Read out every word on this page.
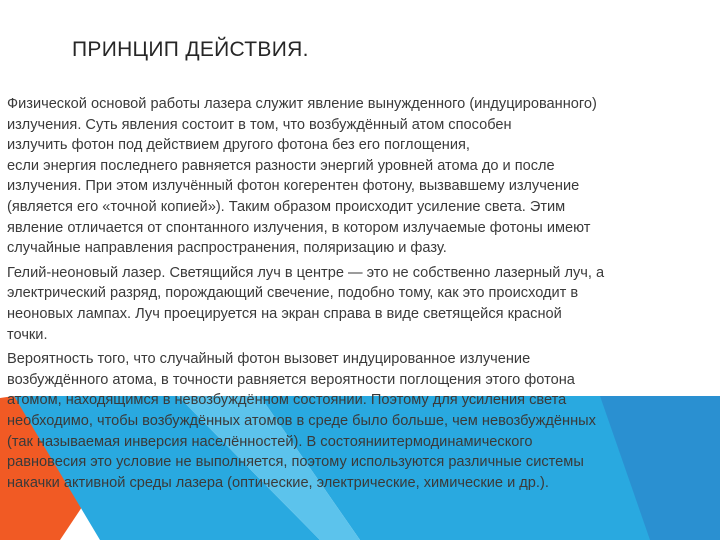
ПРИНЦИП ДЕЙСТВИЯ.

Физической основой работы лазера служит явление вынужденного (индуцированного)
излучения. Суть явления состоит в том, что возбуждённый атом способен
излучить фотон под действием другого фотона без его поглощения,
если энергия последнего равняется разности энергий уровней атома до и после
излучения. При этом излучённый фотон когерентен фотону, вызвавшему излучение
(является его «точной копией»). Таким образом происходит усиление света. Этим
явление отличается от спонтанного излучения, в котором излучаемые фотоны имеют
случайные направления распространения, поляризацию и фазу.

Гелий-неоновый лазер. Светящийся луч в центре — это не собственно лазерный луч, а
электрический разряд, порождающий свечение, подобно тому, как это происходит в
неоновых лампах. Луч проецируется на экран справа в виде светящейся красной
точки.

Вероятность того, что случайный фотон вызовет индуцированное излучение
возбуждённого атома, в точности равняется вероятности поглощения этого фотона
атомом, находящимся в невозбуждённом состоянии. Поэтому для усиления света
необходимо, чтобы возбуждённых атомов в среде было больше, чем невозбуждённых
(так называемая инверсия населённостей). В состояниитермодинамического
равновесия это условие не выполняется, поэтому используются различные системы
накачки активной среды лазера (оптические, электрические, химические и др.).
